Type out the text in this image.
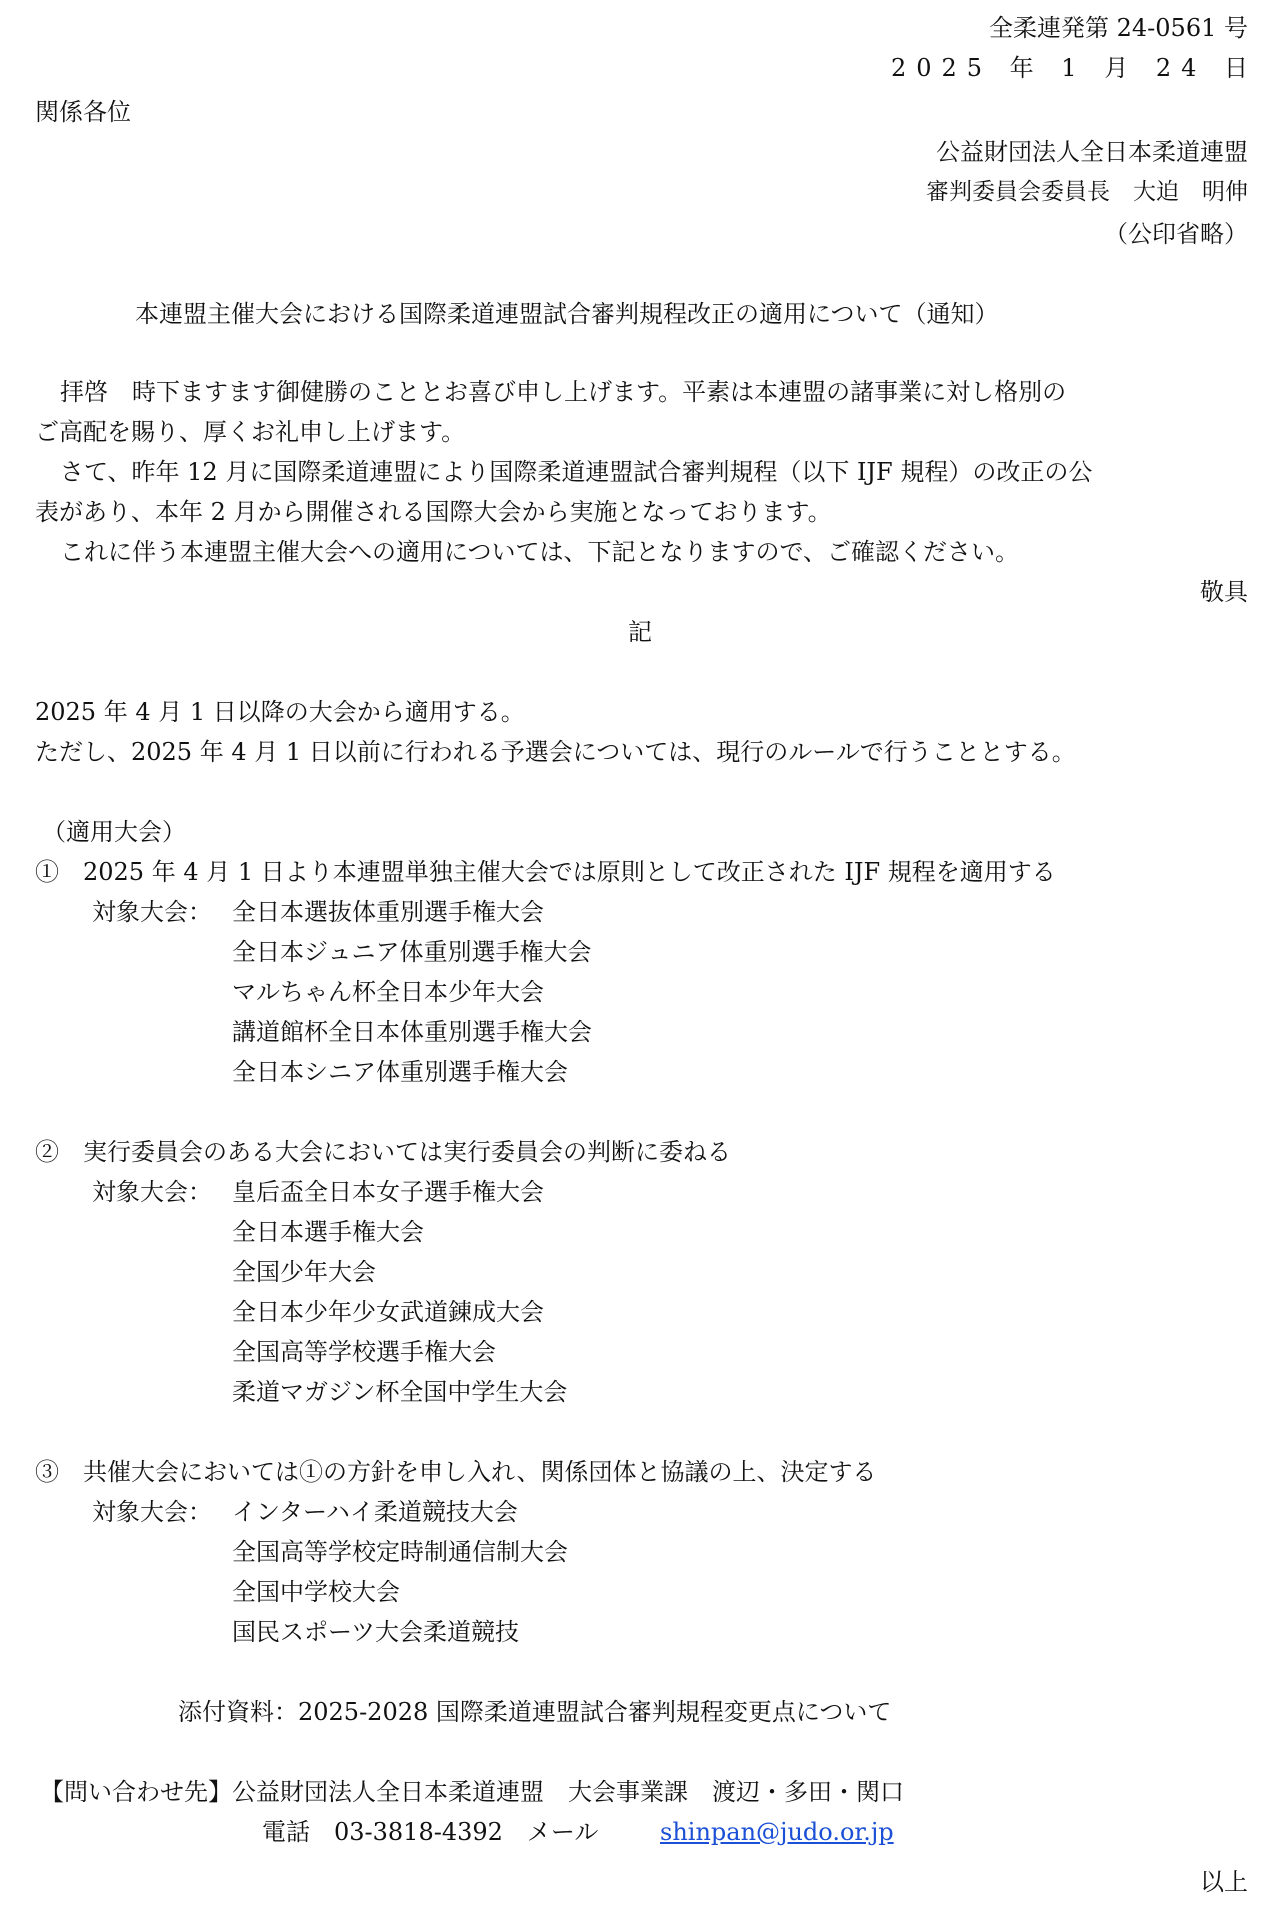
全柔連発第 24-0561 号
2025 年 1 月 24 日
関係各位
公益財団法人全日本柔道連盟
審判委員会委員長　大迫　明伸
（公印省略）
本連盟主催大会における国際柔道連盟試合審判規程改正の適用について（通知）
拝啓　時下ますます御健勝のこととお喜び申し上げます。平素は本連盟の諸事業に対し格別の
ご高配を賜り、厚くお礼申し上げます。
さて、昨年 12 月に国際柔道連盟により国際柔道連盟試合審判規程（以下 IJF 規程）の改正の公
表があり、本年 2 月から開催される国際大会から実施となっております。
これに伴う本連盟主催大会への適用については、下記となりますので、ご確認ください。
敬具
記
2025 年 4 月 1 日以降の大会から適用する。
ただし、2025 年 4 月 1 日以前に行われる予選会については、現行のルールで行うこととする。
（適用大会）
①　2025 年 4 月 1 日より本連盟単独主催大会では原則として改正された IJF 規程を適用する
対象大会： 全日本選抜体重別選手権大会
全日本ジュニア体重別選手権大会
マルちゃん杯全日本少年大会
講道館杯全日本体重別選手権大会
全日本シニア体重別選手権大会
②　実行委員会のある大会においては実行委員会の判断に委ねる
対象大会： 皇后盃全日本女子選手権大会
全日本選手権大会
全国少年大会
全日本少年少女武道錬成大会
全国高等学校選手権大会
柔道マガジン杯全国中学生大会
③　共催大会においては①の方針を申し入れ、関係団体と協議の上、決定する
対象大会： インターハイ柔道競技大会
全国高等学校定時制通信制大会
全国中学校大会
国民スポーツ大会柔道競技
添付資料：2025-2028 国際柔道連盟試合審判規程変更点について
【問い合わせ先】公益財団法人全日本柔道連盟　大会事業課　渡辺・多田・関口
電話　03-3818-4392　メール	shinpan@judo.or.jp
以上
